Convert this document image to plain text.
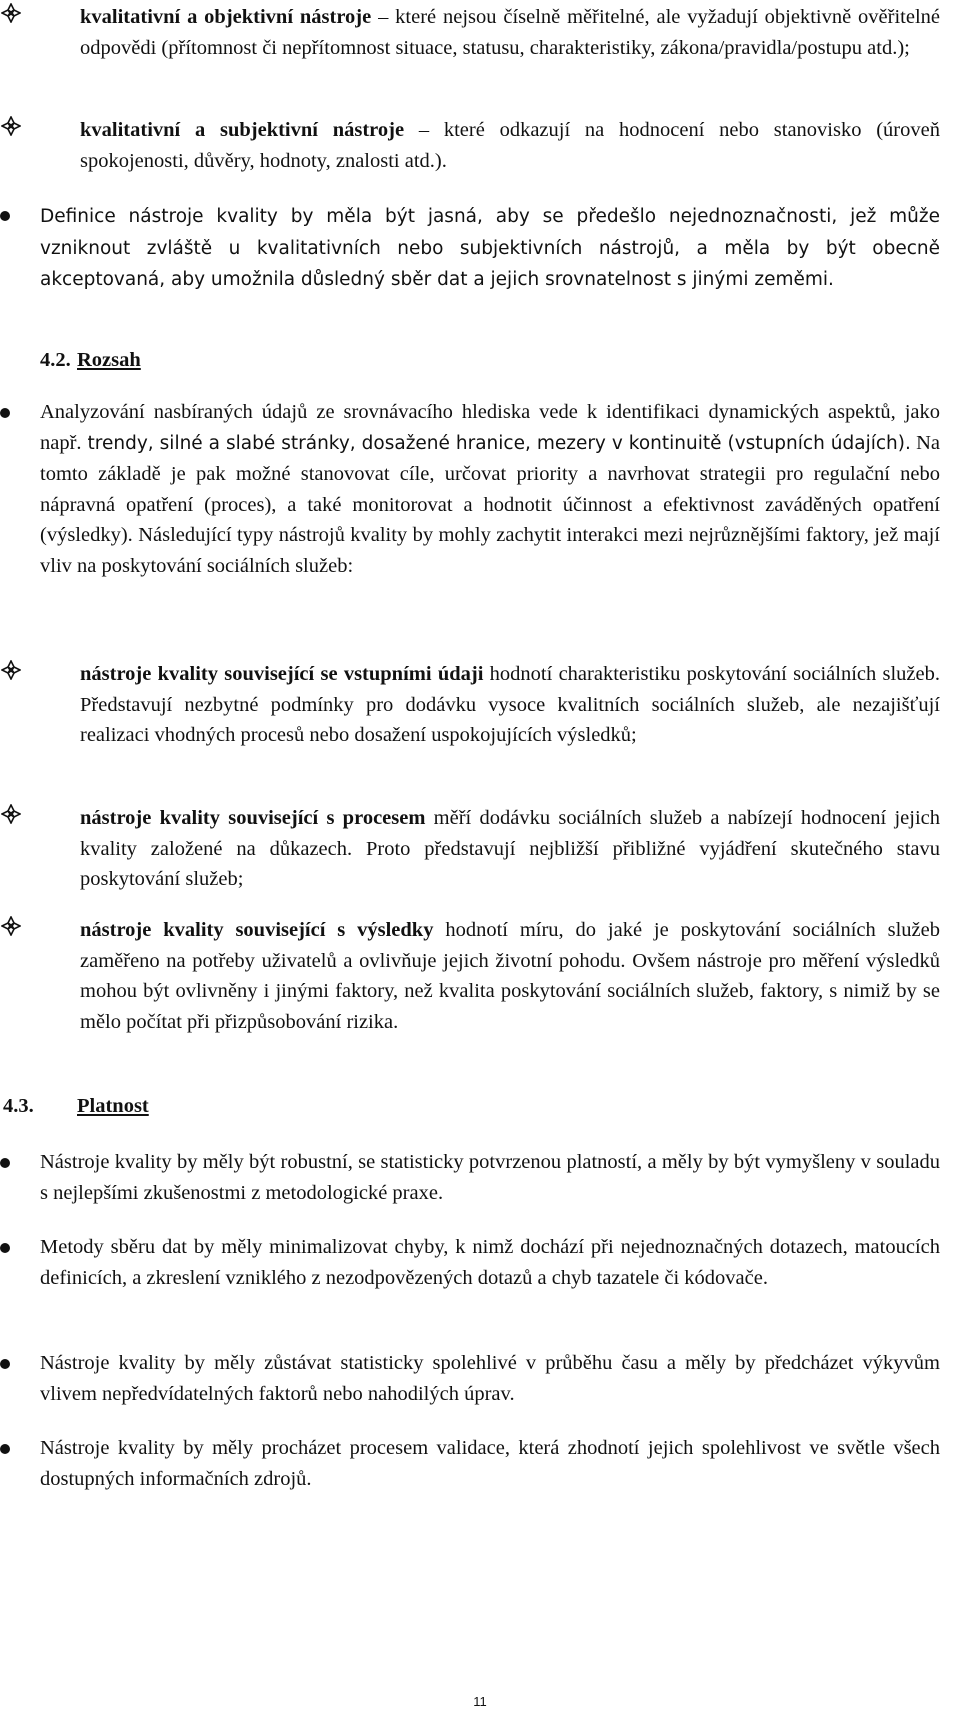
kvalitativní a objektivní nástroje – které nejsou číselně měřitelné, ale vyžadují objektivně ověřitelné odpovědi (přítomnost či nepřítomnost situace, statusu, charakteristiky, zákona/pravidla/postupu atd.);
kvalitativní a subjektivní nástroje – které odkazují na hodnocení nebo stanovisko (úroveň spokojenosti, důvěry, hodnoty, znalosti atd.).
Definice nástroje kvality by měla být jasná, aby se předešlo nejednoznačnosti, jež může vzniknout zvláště u kvalitativních nebo subjektivních nástrojů, a měla by být obecně akceptovaná, aby umožnila důsledný sběr dat a jejich srovnatelnost s jinými zeměmi.
4.2. Rozsah
Analyzování nasbíraných údajů ze srovnávacího hlediska vede k identifikaci dynamických aspektů, jako např. trendy, silné a slabé stránky, dosažené hranice, mezery v kontinuitě (vstupních údajích). Na tomto základě je pak možné stanovovat cíle, určovat priority a navrhovat strategii pro regulační nebo nápravná opatření (proces), a také monitorovat a hodnotit účinnost a efektivnost zaváděných opatření (výsledky). Následující typy nástrojů kvality by mohly zachytit interakci mezi nejrůznějšími faktory, jež mají vliv na poskytování sociálních služeb:
nástroje kvality související se vstupními údaji hodnotí charakteristiku poskytování sociálních služeb. Představují nezbytné podmínky pro dodávku vysoce kvalitních sociálních služeb, ale nezajišťují realizaci vhodných procesů nebo dosažení uspokojujících výsledků;
nástroje kvality související s procesem měří dodávku sociálních služeb a nabízejí hodnocení jejich kvality založené na důkazech. Proto představují nejbližší přibližné vyjádření skutečného stavu poskytování služeb;
nástroje kvality související s výsledky hodnotí míru, do jaké je poskytování sociálních služeb zaměřeno na potřeby uživatelů a ovlivňuje jejich životní pohodu. Ovšem nástroje pro měření výsledků mohou být ovlivněny i jinými faktory, než kvalita poskytování sociálních služeb, faktory, s nimiž by se mělo počítat při přizpůsobování rizika.
4.3. Platnost
Nástroje kvality by měly být robustní, se statisticky potvrzenou platností, a měly by být vymyšleny v souladu s nejlepšími zkušenostmi z metodologické praxe.
Metody sběru dat by měly minimalizovat chyby, k nimž dochází při nejednoznačných dotazech, matoucích definicích, a zkreslení vzniklého z nezodpovězených dotazů a chyb tazatele či kódovače.
Nástroje kvality by měly zůstávat statisticky spolehlivé v průběhu času a měly by předcházet výkyvům vlivem nepředvídatelných faktorů nebo nahodilých úprav.
Nástroje kvality by měly procházet procesem validace, která zhodnotí jejich spolehlivost ve světle všech dostupných informačních zdrojů.
11
